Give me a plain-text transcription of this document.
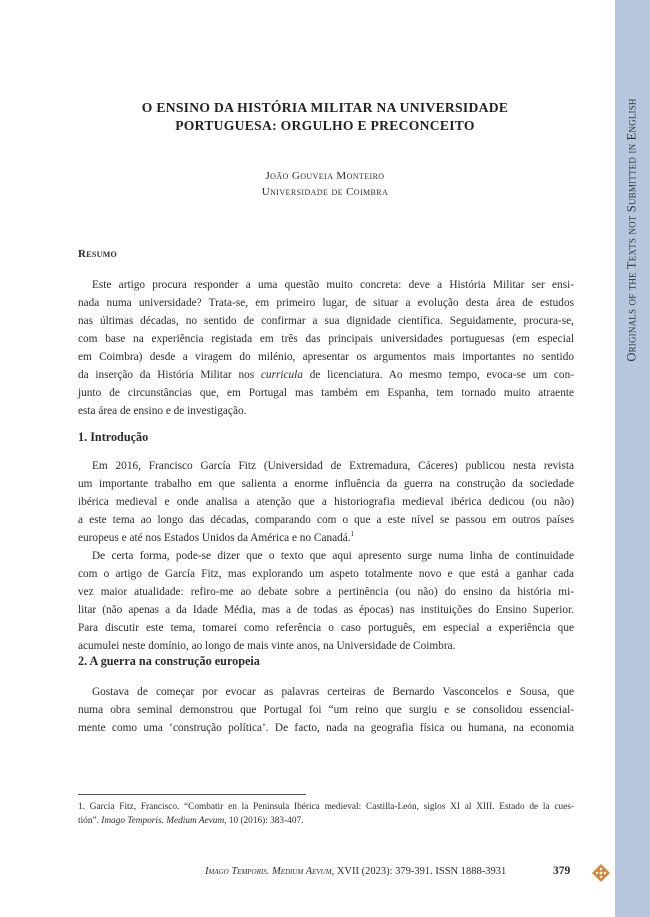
Originals of the Texts not Submitted in English
O ENSINO DA HISTÓRIA MILITAR NA UNIVERSIDADE
PORTUGUESA: ORGULHO E PRECONCEITO
João Gouveia Monteiro
Universidade de Coimbra
Resumo
Este artigo procura responder a uma questão muito concreta: deve a História Militar ser ensi-
nada numa universidade? Trata-se, em primeiro lugar, de situar a evolução desta área de estudos
nas últimas décadas, no sentido de confirmar a sua dignidade científica. Seguidamente, procura-se,
com base na experiência registada em três das principais universidades portuguesas (em especial
em Coimbra) desde a viragem do milénio, apresentar os argumentos mais importantes no sentido
da inserção da História Militar nos curricula de licenciatura. Ao mesmo tempo, evoca-se um con-
junto de circunstâncias que, em Portugal mas também em Espanha, tem tornado muito atraente
esta área de ensino e de investigação.
1. Introdução
Em 2016, Francisco García Fitz (Universidad de Extremadura, Cáceres) publicou nesta revista
um importante trabalho em que salienta a enorme influência da guerra na construção da sociedade
ibérica medieval e onde analisa a atenção que a historiografia medieval ibérica dedicou (ou não)
a este tema ao longo das décadas, comparando com o que a este nível se passou em outros países
europeus e até nos Estados Unidos da América e no Canadá.$^1$
De certa forma, pode-se dizer que o texto que aqui apresento surge numa linha de continuidade
com o artigo de García Fitz, mas explorando um aspeto totalmente novo e que está a ganhar cada
vez maior atualidade: refiro-me ao debate sobre a pertinência (ou não) do ensino da história mi-
litar (não apenas a da Idade Média, mas a de todas as épocas) nas instituições do Ensino Superior.
Para discutir este tema, tomarei como referência o caso português, em especial a experiência que
acumulei neste domínio, ao longo de mais vinte anos, na Universidade de Coimbra.
2. A guerra na construção europeia
Gostava de começar por evocar as palavras certeiras de Bernardo Vasconcelos e Sousa, que
numa obra seminal demonstrou que Portugal foi “um reino que surgiu e se consolidou essencial-
mente como uma ‘construção política’. De facto, nada na geografia física ou humana, na economia
1. García Fitz, Francisco. “Combatir en la Península Ibérica medieval: Castilla-León, siglos XI al XIII. Estado de la cues-
tión”. Imago Temporis. Medium Aevum, 10 (2016): 383-407.
Imago Temporis. Medium Aevum, XVII (2023): 379-391. ISSN 1888-3931	379
